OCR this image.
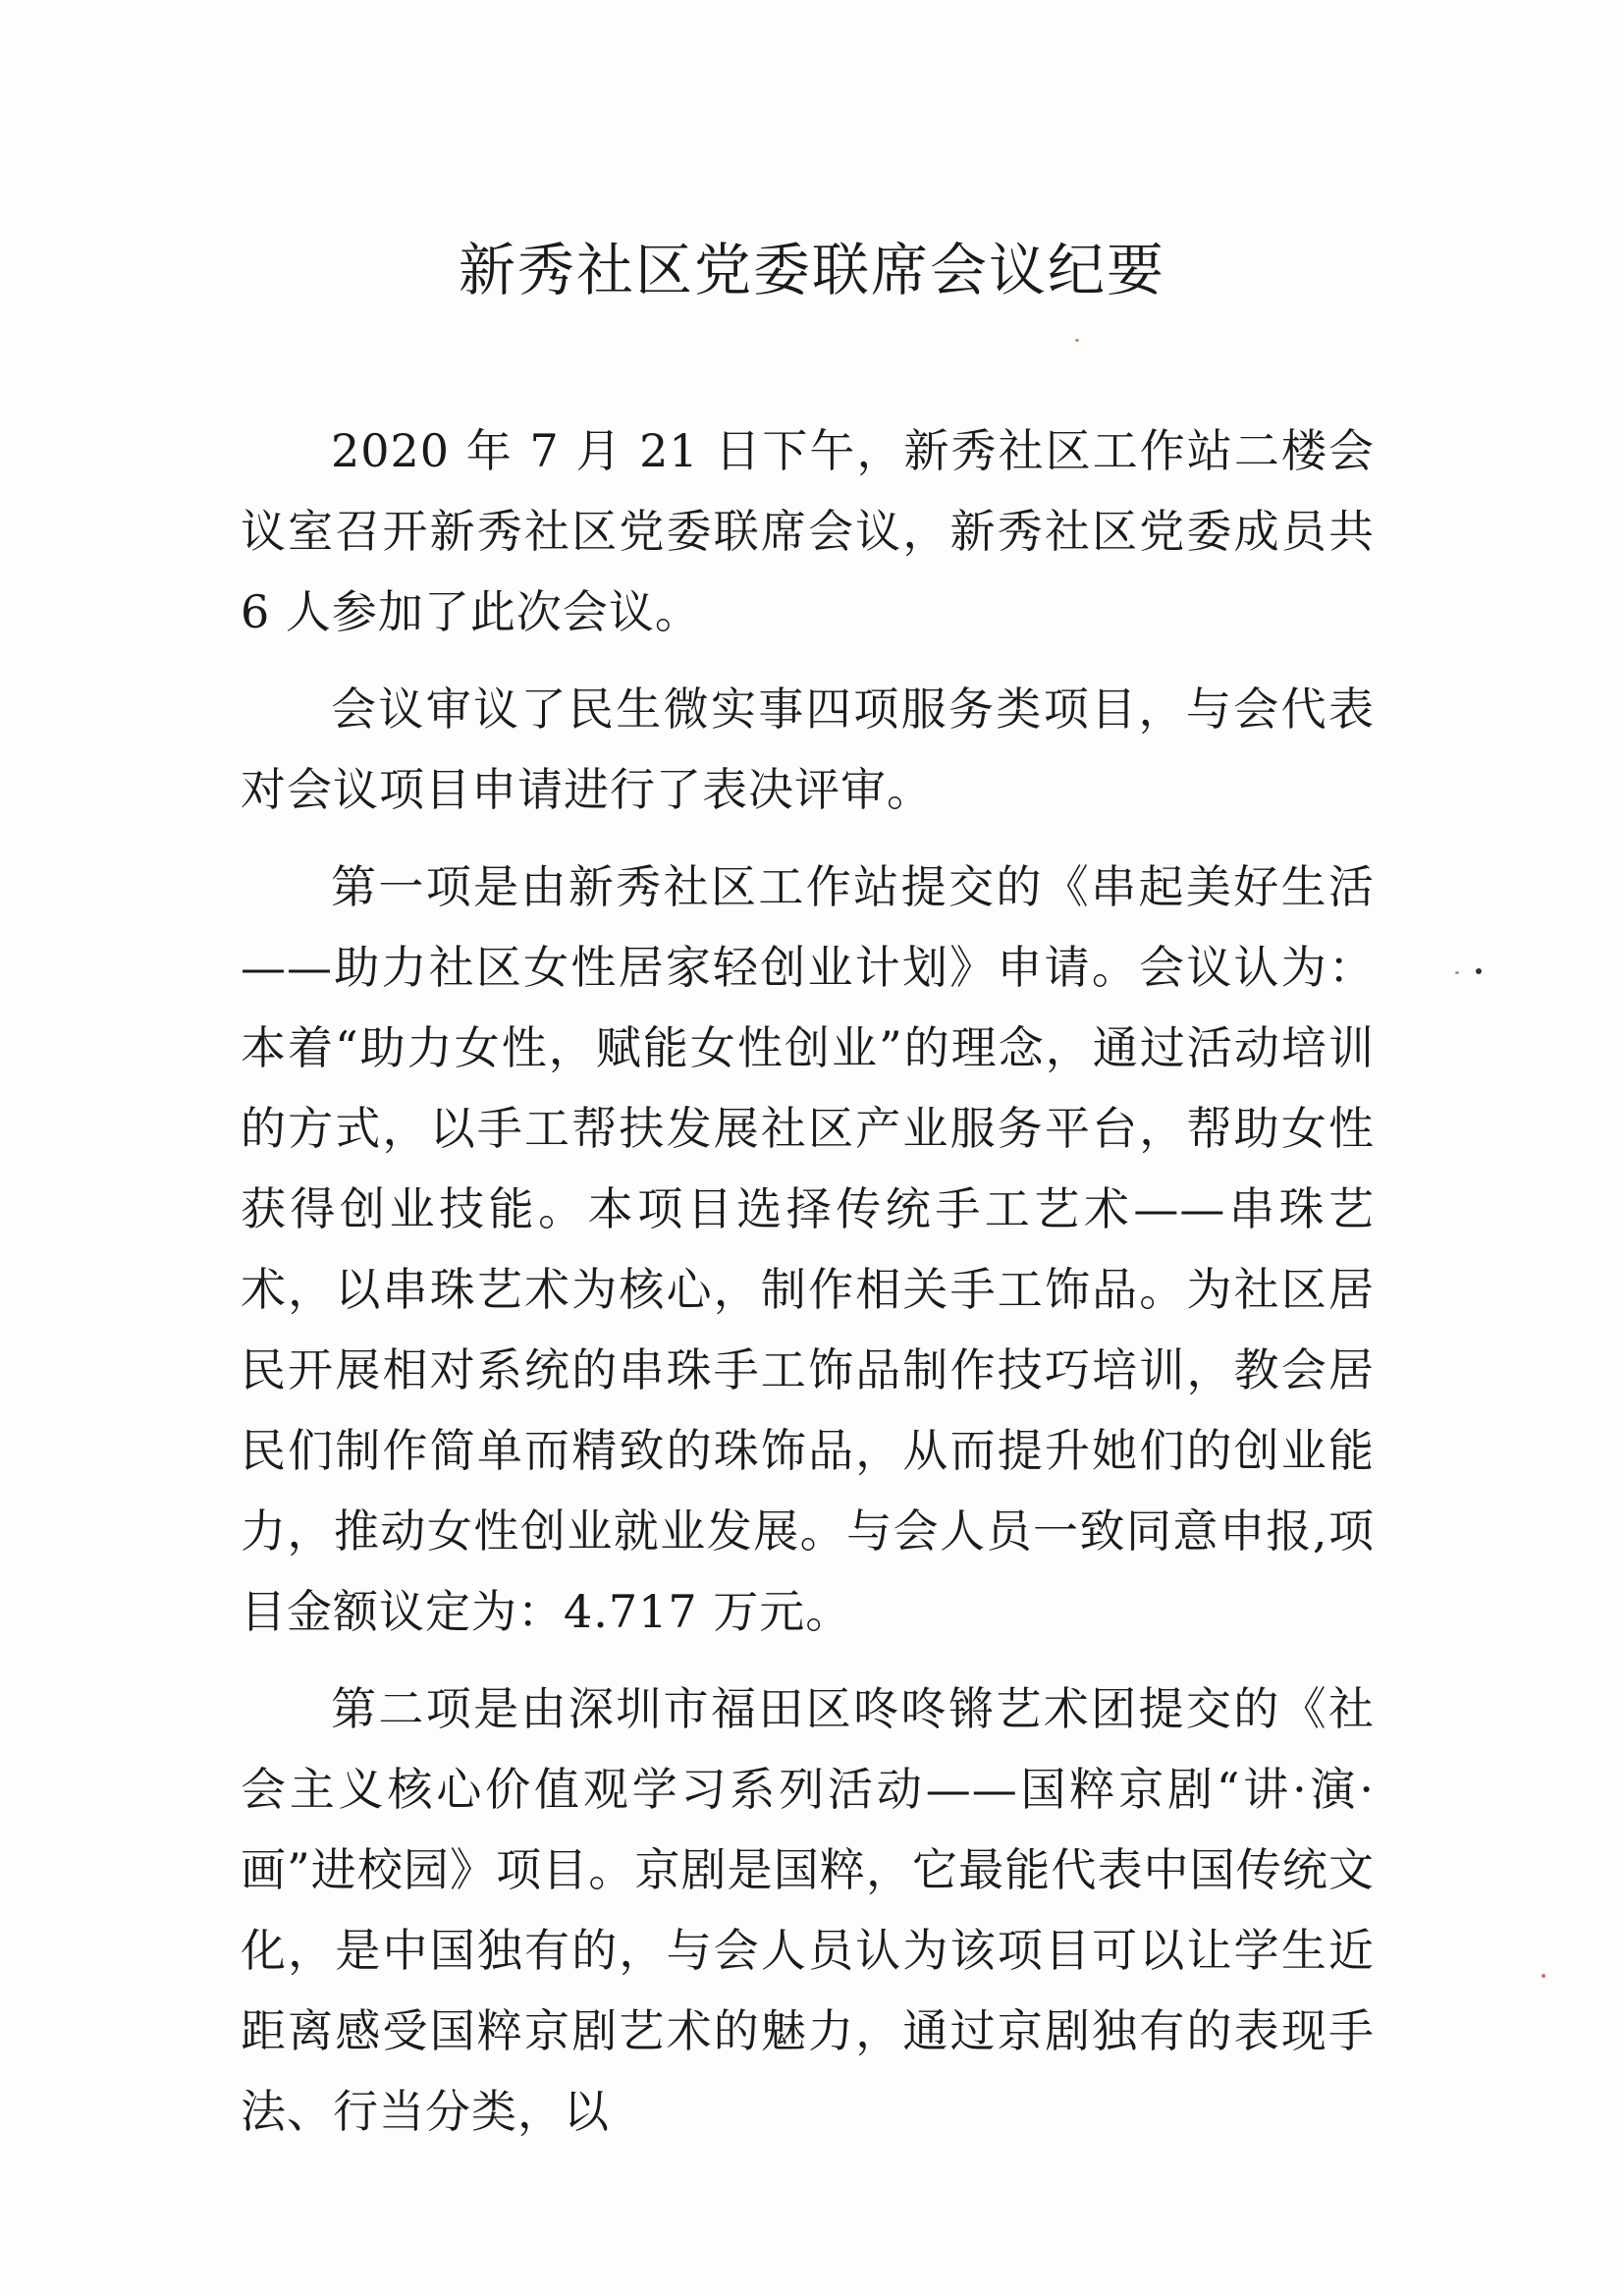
新秀社区党委联席会议纪要

2020 年 7 月 21 日下午，新秀社区工作站二楼会议室召开新秀社区党委联席会议，新秀社区党委成员共 6 人参加了此次会议。

会议审议了民生微实事四项服务类项目，与会代表对会议项目申请进行了表决评审。

第一项是由新秀社区工作站提交的《串起美好生活——助力社区女性居家轻创业计划》申请。会议认为：本着“助力女性，赋能女性创业”的理念，通过活动培训的方式，以手工帮扶发展社区产业服务平台，帮助女性获得创业技能。本项目选择传统手工艺术——串珠艺术，以串珠艺术为核心，制作相关手工饰品。为社区居民开展相对系统的串珠手工饰品制作技巧培训，教会居民们制作简单而精致的珠饰品，从而提升她们的创业能力，推动女性创业就业发展。与会人员一致同意申报,项目金额议定为：4.717 万元。

第二项是由深圳市福田区咚咚锵艺术团提交的《社会主义核心价值观学习系列活动——国粹京剧“讲·演·画”进校园》项目。京剧是国粹，它最能代表中国传统文化，是中国独有的，与会人员认为该项目可以让学生近距离感受国粹京剧艺术的魅力，通过京剧独有的表现手法、行当分类，以
